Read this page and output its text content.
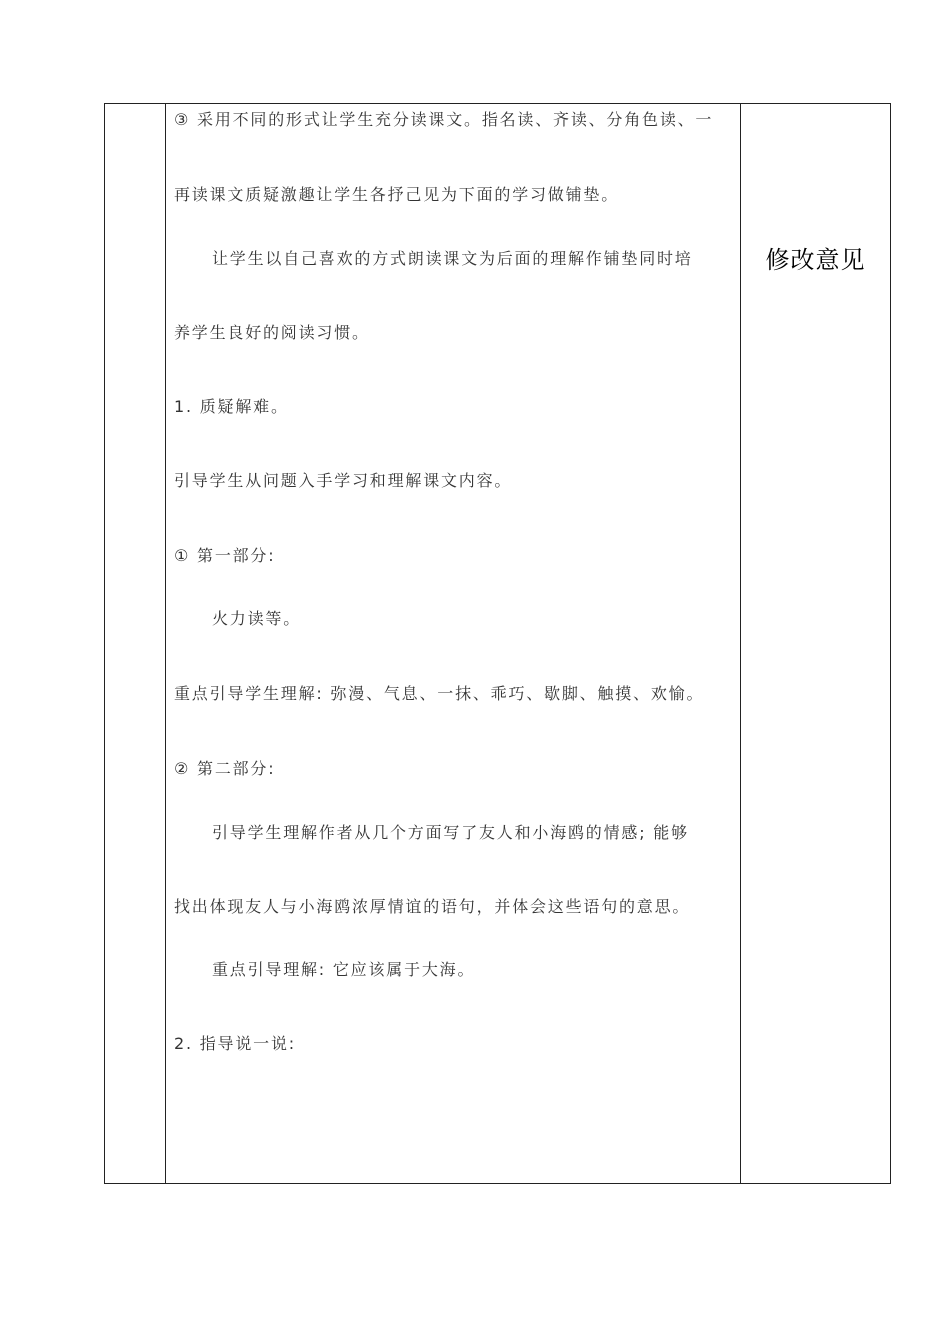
修改意见
③ 采用不同的形式让学生充分读课文。指名读、齐读、分角色读、一
再读课文质疑激趣让学生各抒己见为下面的学习做铺垫。
让学生以自己喜欢的方式朗读课文为后面的理解作铺垫同时培
养学生良好的阅读习惯。
1. 质疑解难。
引导学生从问题入手学习和理解课文内容。
① 第一部分:
火力读等。
重点引导学生理解: 弥漫、气息、一抹、乖巧、歇脚、触摸、欢愉。
② 第二部分:
引导学生理解作者从几个方面写了友人和小海鸥的情感; 能够
找出体现友人与小海鸥浓厚情谊的语句，并体会这些语句的意思。
重点引导理解: 它应该属于大海。
2. 指导说一说:
